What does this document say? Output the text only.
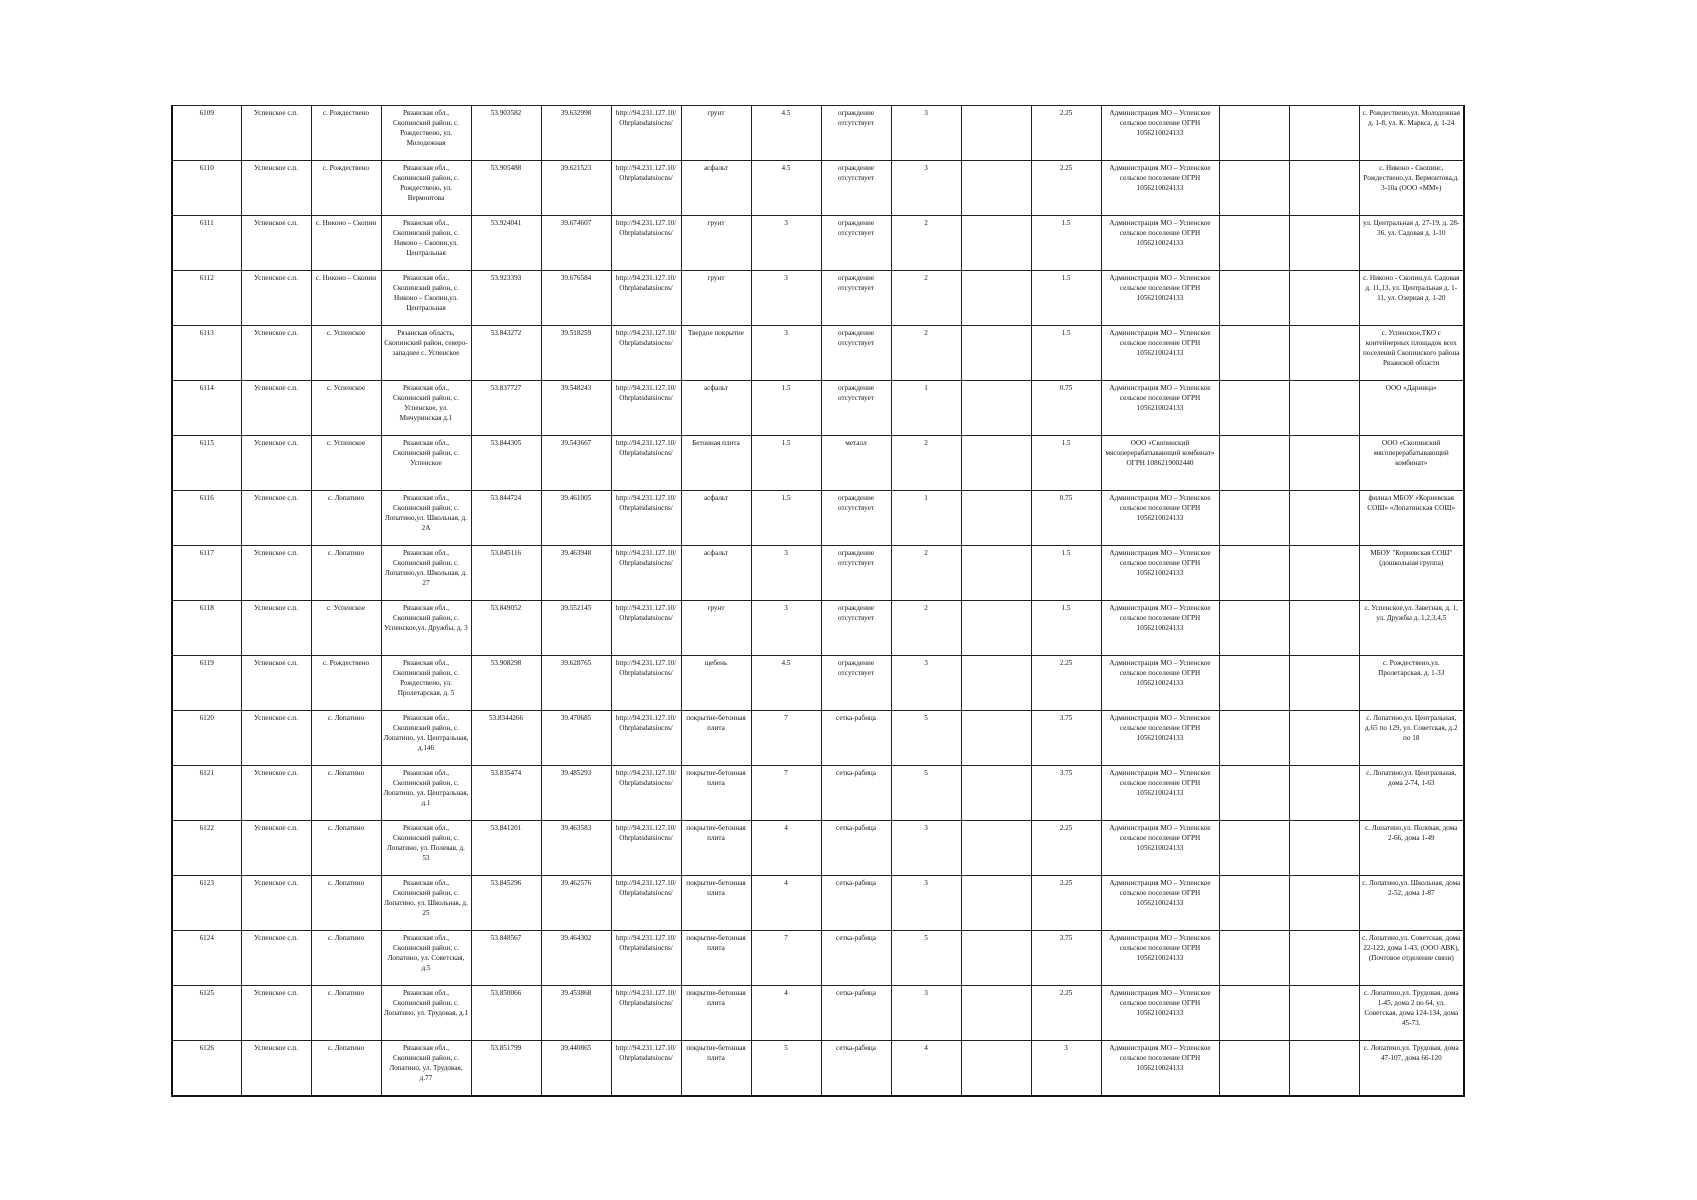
6109	Успенское с.п.	с. Рождествено	Рязанская обл., Скопинский район, с. Рождествено, ул. Молодежная	53.903582	39.632998	http://94.231.127.10/Ohrplatsdatsiocns/	грунт	4.5	ограждение отсутствует	3		2.25	Администрация МО – Успенское сельское поселение ОГРН 1056210024133			с. Рождествено,ул. Молодежная д. 1-8, ул. К. Маркса, д. 1-24
6110	Успенское с.п.	с. Рождествено	Рязанская обл., Скопинский район, с. Рождествено, ул. Вермонтова	53.905488	39.621523	http://94.231.127.10/Ohrplatsdatsiocns/	асфальт	4.5	ограждение отсутствует	3		2.25	Администрация МО – Успенское сельское поселение ОГРН 1056210024133			с. Никоно - Скопинс, Рождествено,ул. Вермонтова,д. 3-10а (ООО «ММ»)
6111	Успенское с.п.	с. Никоно – Скопин	Рязанская обл., Скопинский район, с. Никоно – Скопин,ул. Центральная	53.924041	39.674607	http://94.231.127.10/Ohrplatsdatsiocns/	грунт	3	ограждение отсутствует	2		1.5	Администрация МО – Успенское сельское поселение ОГРН 1056210024133			ул. Центральная д. 27-19, д. 28-36, ул. Садовая д. 1-10
6112	Успенское с.п.	с. Никоно – Скопин	Рязанская обл., Скопинский район, с. Никоно – Скопин,ул. Центральная	53.923393	39.676584	http://94.231.127.10/Ohrplatsdatsiocns/	грунт	3	ограждение отсутствует	2		1.5	Администрация МО – Успенское сельское поселение ОГРН 1056210024133			с. Никоно - Скопин,ул. Садовая д. 11,13, ул. Центральная д. 1-11, ул. Озерная д. 1-20
6113	Успенское с.п.	с. Успенское	Рязанская область, Скопинский район, северо-западнее с. Успенское	53.843272	39.518259	http://94.231.127.10/Ohrplatsdatsiocns/	Твердое покрытие	3	ограждение отсутствует	2		1.5	Администрация МО – Успенское сельское поселение ОГРН 1056210024133			с. Успенское,ТКО с контейнерных площадок всех поселений Скопинского района Рязанской области
6114	Успенское с.п.	с. Успенское	Рязанская обл., Скопинский район, с. Успенское, ул. Мичуринская д.1	53.837727	39.548243	http://94.231.127.10/Ohrplatsdatsiocns/	асфальт	1.5	ограждение отсутствует	1		0.75	Администрация МО – Успенское сельское поселение ОГРН 1056210024133			ООО «Дарница»
6115	Успенское с.п.	с. Успенское	Рязанская обл., Скопинский район, с. Успенское	53.844305	39.543667	http://94.231.127.10/Ohrplatsdatsiocns/	Бетонная плита	1.5	металл	2		1.5	ООО «Скопинский мясоперерабатывающий комбинат» ОГРН 1086219002440			ООО «Скопинский мясоперерабатывающий комбинат»
6116	Успенское с.п.	с. Лопатино	Рязанская обл., Скопинский район, с. Лопатино,ул. Школьная, д. 2А	53.844724	39.461005	http://94.231.127.10/Ohrplatsdatsiocns/	асфальт	1.5	ограждение отсутствует	1		0.75	Администрация МО – Успенское сельское поселение ОГРН 1056210024133			филиал МБОУ «Корневская СОШ» «Лопатинская СОШ»
6117	Успенское с.п.	с. Лопатино	Рязанская обл., Скопинский район, с. Лопатино,ул. Школьная, д. 27	53.845116	39.463948	http://94.231.127.10/Ohrplatsdatsiocns/	асфальт	3	ограждение отсутствует	2		1.5	Администрация МО – Успенское сельское поселение ОГРН 1056210024133			МБОУ "Корневская СОШ" (дошкольная группа)
6118	Успенское с.п.	с. Успенское	Рязанская обл., Скопинский район, с. Успенское,ул. Дружбы, д. 3	53.849052	39.552145	http://94.231.127.10/Ohrplatsdatsiocns/	грунт	3	ограждение отсутствует	2		1.5	Администрация МО – Успенское сельское поселение ОГРН 1056210024133			с. Успенское,ул. Заветная, д. 1, ул. Дружбы д. 1,2,3,4,5
6119	Успенское с.п.	с. Рождествено	Рязанская обл., Скопинский район, с. Рождествено, ул. Пролетарская, д. 5	53.908298	39.628765	http://94.231.127.10/Ohrplatsdatsiocns/	щебень	4.5	ограждение отсутствует	3		2.25	Администрация МО – Успенское сельское поселение ОГРН 1056210024133			с. Рождествено,ул. Пролетарская, д. 1-33
6120	Успенское с.п.	с. Лопатино	Рязанская обл., Скопинский район, с. Лопатино, ул. Центральная, д.146	53.8344266	39.470685	http://94.231.127.10/Ohrplatsdatsiocns/	покрытие-бетонная плита	7	сетка-рабица	5		3.75	Администрация МО – Успенское сельское поселение ОГРН 1056210024133			с. Лопатино,ул. Центральная, д.65 по 129, ул. Советская, д.2 по 18
6121	Успенское с.п.	с. Лопатино	Рязанская обл., Скопинский район, с. Лопатино, ул. Центральная, д.1	53.835474	39.485293	http://94.231.127.10/Ohrplatsdatsiocns/	покрытие-бетонная плита	7	сетка-рабица	5		3.75	Администрация МО – Успенское сельское поселение ОГРН 1056210024133			с. Лопатино,ул. Центральная, дома 2-74, 1-63
6122	Успенское с.п.	с. Лопатино	Рязанская обл., Скопинский район, с. Лопатино, ул. Полевая, д. 53	53.841201	39.463583	http://94.231.127.10/Ohrplatsdatsiocns/	покрытие-бетонная плита	4	сетка-рабица	3		2.25	Администрация МО – Успенское сельское поселение ОГРН 1056210024133			с. Лопатино,ул. Полевая, дома 2-66, дома 1-49
6123	Успенское с.п.	с. Лопатино	Рязанская обл., Скопинский район, с. Лопатино, ул. Школьная, д. 25	53.845296	39.462576	http://94.231.127.10/Ohrplatsdatsiocns/	покрытие-бетонная плита	4	сетка-рабица	3		2.25	Администрация МО – Успенское сельское поселение ОГРН 1056210024133			с. Лопатино,ул. Школьная, дома 2-52, дома 1-87
6124	Успенское с.п.	с. Лопатино	Рязанская обл., Скопинский район, с. Лопатино, ул. Советская, д.5	53.848567	39.464302	http://94.231.127.10/Ohrplatsdatsiocns/	покрытие-бетонная плита	7	сетка-рабица	5		3.75	Администрация МО – Успенское сельское поселение ОГРН 1056210024133			с. Лопатино,ул. Советская, дома 22-122, дома 1-43, (ООО АВК), (Почтовое отделение связи)
6125	Успенское с.п.	с. Лопатино	Рязанская обл., Скопинский район, с. Лопатино, ул. Трудовая, д.1	53.850066	39.453868	http://94.231.127.10/Ohrplatsdatsiocns/	покрытие-бетонная плита	4	сетка-рабица	3		2.25	Администрация МО – Успенское сельское поселение ОГРН 1056210024133			с. Лопатино,ул. Трудовая, дома 1-45, дома 2 по 64, ул. Советская, дома 124-134, дома 45-73.
6126	Успенское с.п.	с. Лопатино	Рязанская обл., Скопинский район, с. Лопатино, ул. Трудовая, д.77	53.851799	39.440865	http://94.231.127.10/Ohrplatsdatsiocns/	покрытие-бетонная плита	5	сетка-рабица	4		3	Администрация МО – Успенское сельское поселение ОГРН 1056210024133			с. Лопатино,ул. Трудовая, дома 47-107, дома 66-120
